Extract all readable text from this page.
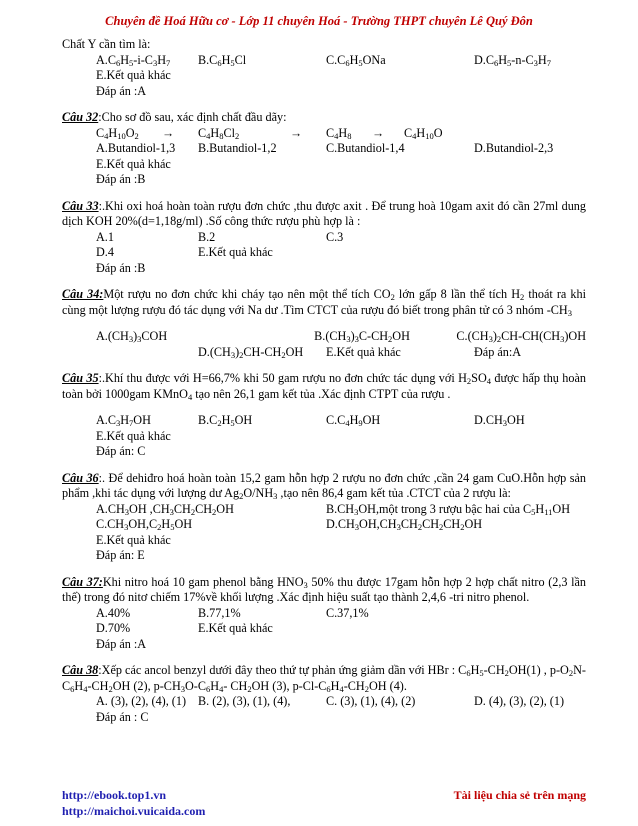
Chuyên đề Hoá Hữu cơ - Lớp 11 chuyên Hoá - Trường THPT chuyên Lê Quý Đôn
Chất Y cần tìm là:
$A.C_6H_5-i-C_3H_7$	$B.C_6H_5Cl$	$C.C_6H_5ONa$	$D.C_6H_5-n-C_3H_7$
E.Kết quả khác
Đáp án :A
Câu 32:Cho sơ đồ sau, xác định chất đầu dãy:
$C_4H_{10}O_2$	→	$C_4H_8Cl_2$	→	$C_4H_8$	→	$C_4H_{10}O$
A.Butandiol-1,3	B.Butandiol-1,2	C.Butandiol-1,4	D.Butandiol-2,3
E.Kết quả khác
Đáp án :B
Câu 33:.Khi oxi hoá hoàn toàn rượu đơn chức ,thu được axit . Để trung hoà 10gam axit đó cần 27ml dung dịch KOH 20%(d=1,18g/ml) .Số công thức rượu phù hợp là :
A.1	B.2	C.3
D.4	E.Kết quả khác
Đáp án :B
Câu 34:Một rượu no đơn chức khi cháy tạo nên một thể tích $CO_2$ lớn gấp 8 lần thể tích $H_2$ thoát ra khi cùng một lượng rượu đó tác dụng với Na dư .Tìm CTCT của rượu đó biết trong phân tử có 3 nhóm $-CH_3$
$A.(CH_3)_3COH$	$B.(CH_3)_3C-CH_2OH$	$C.(CH_3)_2CH-CH(CH_3)OH$
$D.(CH_3)_2CH-CH_2OH$	E.Kết quả khác	Đáp án:A
Câu 35:.Khí thu được với H=66,7% khi 50 gam rượu no đơn chức tác dụng với $H_2SO_4$ được hấp thụ hoàn toàn bởi 1000gam KMnO$_4$ tạo nên 26,1 gam kết tủa .Xác định CTPT của rượu .
$A.C_3H_7OH$	$B.C_2H_5OH$	$C.C_4H_9OH$	$D.CH_3OH$
E.Kết quả khác
Đáp án: C
Câu 36:. Để dehiđro hoá hoàn toàn 15,2 gam hỗn hợp 2 rượu no đơn chức ,cần 24 gam CuO.Hỗn hợp sản phẩm ,khi tác dụng với lượng dư $Ag_2O/NH_3$ ,tạo nên 86,4 gam kết tủa .CTCT của 2 rượu là:
$A.CH_3OH$ $,CH_3CH_2CH_2OH$	$B.CH_3OH,một$ trong 3 rượu bậc hai của $C_5H_{11}OH$
$C.CH_3OH,C_2H_5OH$	$D.CH_3OH,CH_3CH_2CH_2CH_2OH$
E.Kết quả khác
Đáp án: E
Câu 37:Khi nitro hoá 10 gam phenol bằng $HNO_3$ 50% thu được 17gam hỗn hợp 2 hợp chất nitro (2,3 lần thế) trong đó nitơ chiếm 17%về khối lượng .Xác định hiệu suất tạo thành 2,4,6 -tri nitro phenol.
A.40%	B.77,1%	C.37,1%
D.70%	E.Kết quả khác
Đáp án :A
Câu 38:Xếp các ancol benzyl dưới đây theo thứ tự phản ứng giảm dần với HBr : $C_6H_5-CH_2OH(1)$ , $p-O_2N-C_6H_4-CH_2OH$ (2), $p-CH_3O-C_6H_4-$ $CH_2OH$ (3), $p-Cl-C_6H_4-CH_2OH$ (4).
A. (3), (2), (4), (1) B. (2), (3), (1), (4),	C. (3), (1), (4), (2)	D. (4), (3), (2), (1)
Đáp án : C
http://ebook.top1.vn
http://maichoi.vuicaida.com
Tài liệu chia sẻ trên mạng
